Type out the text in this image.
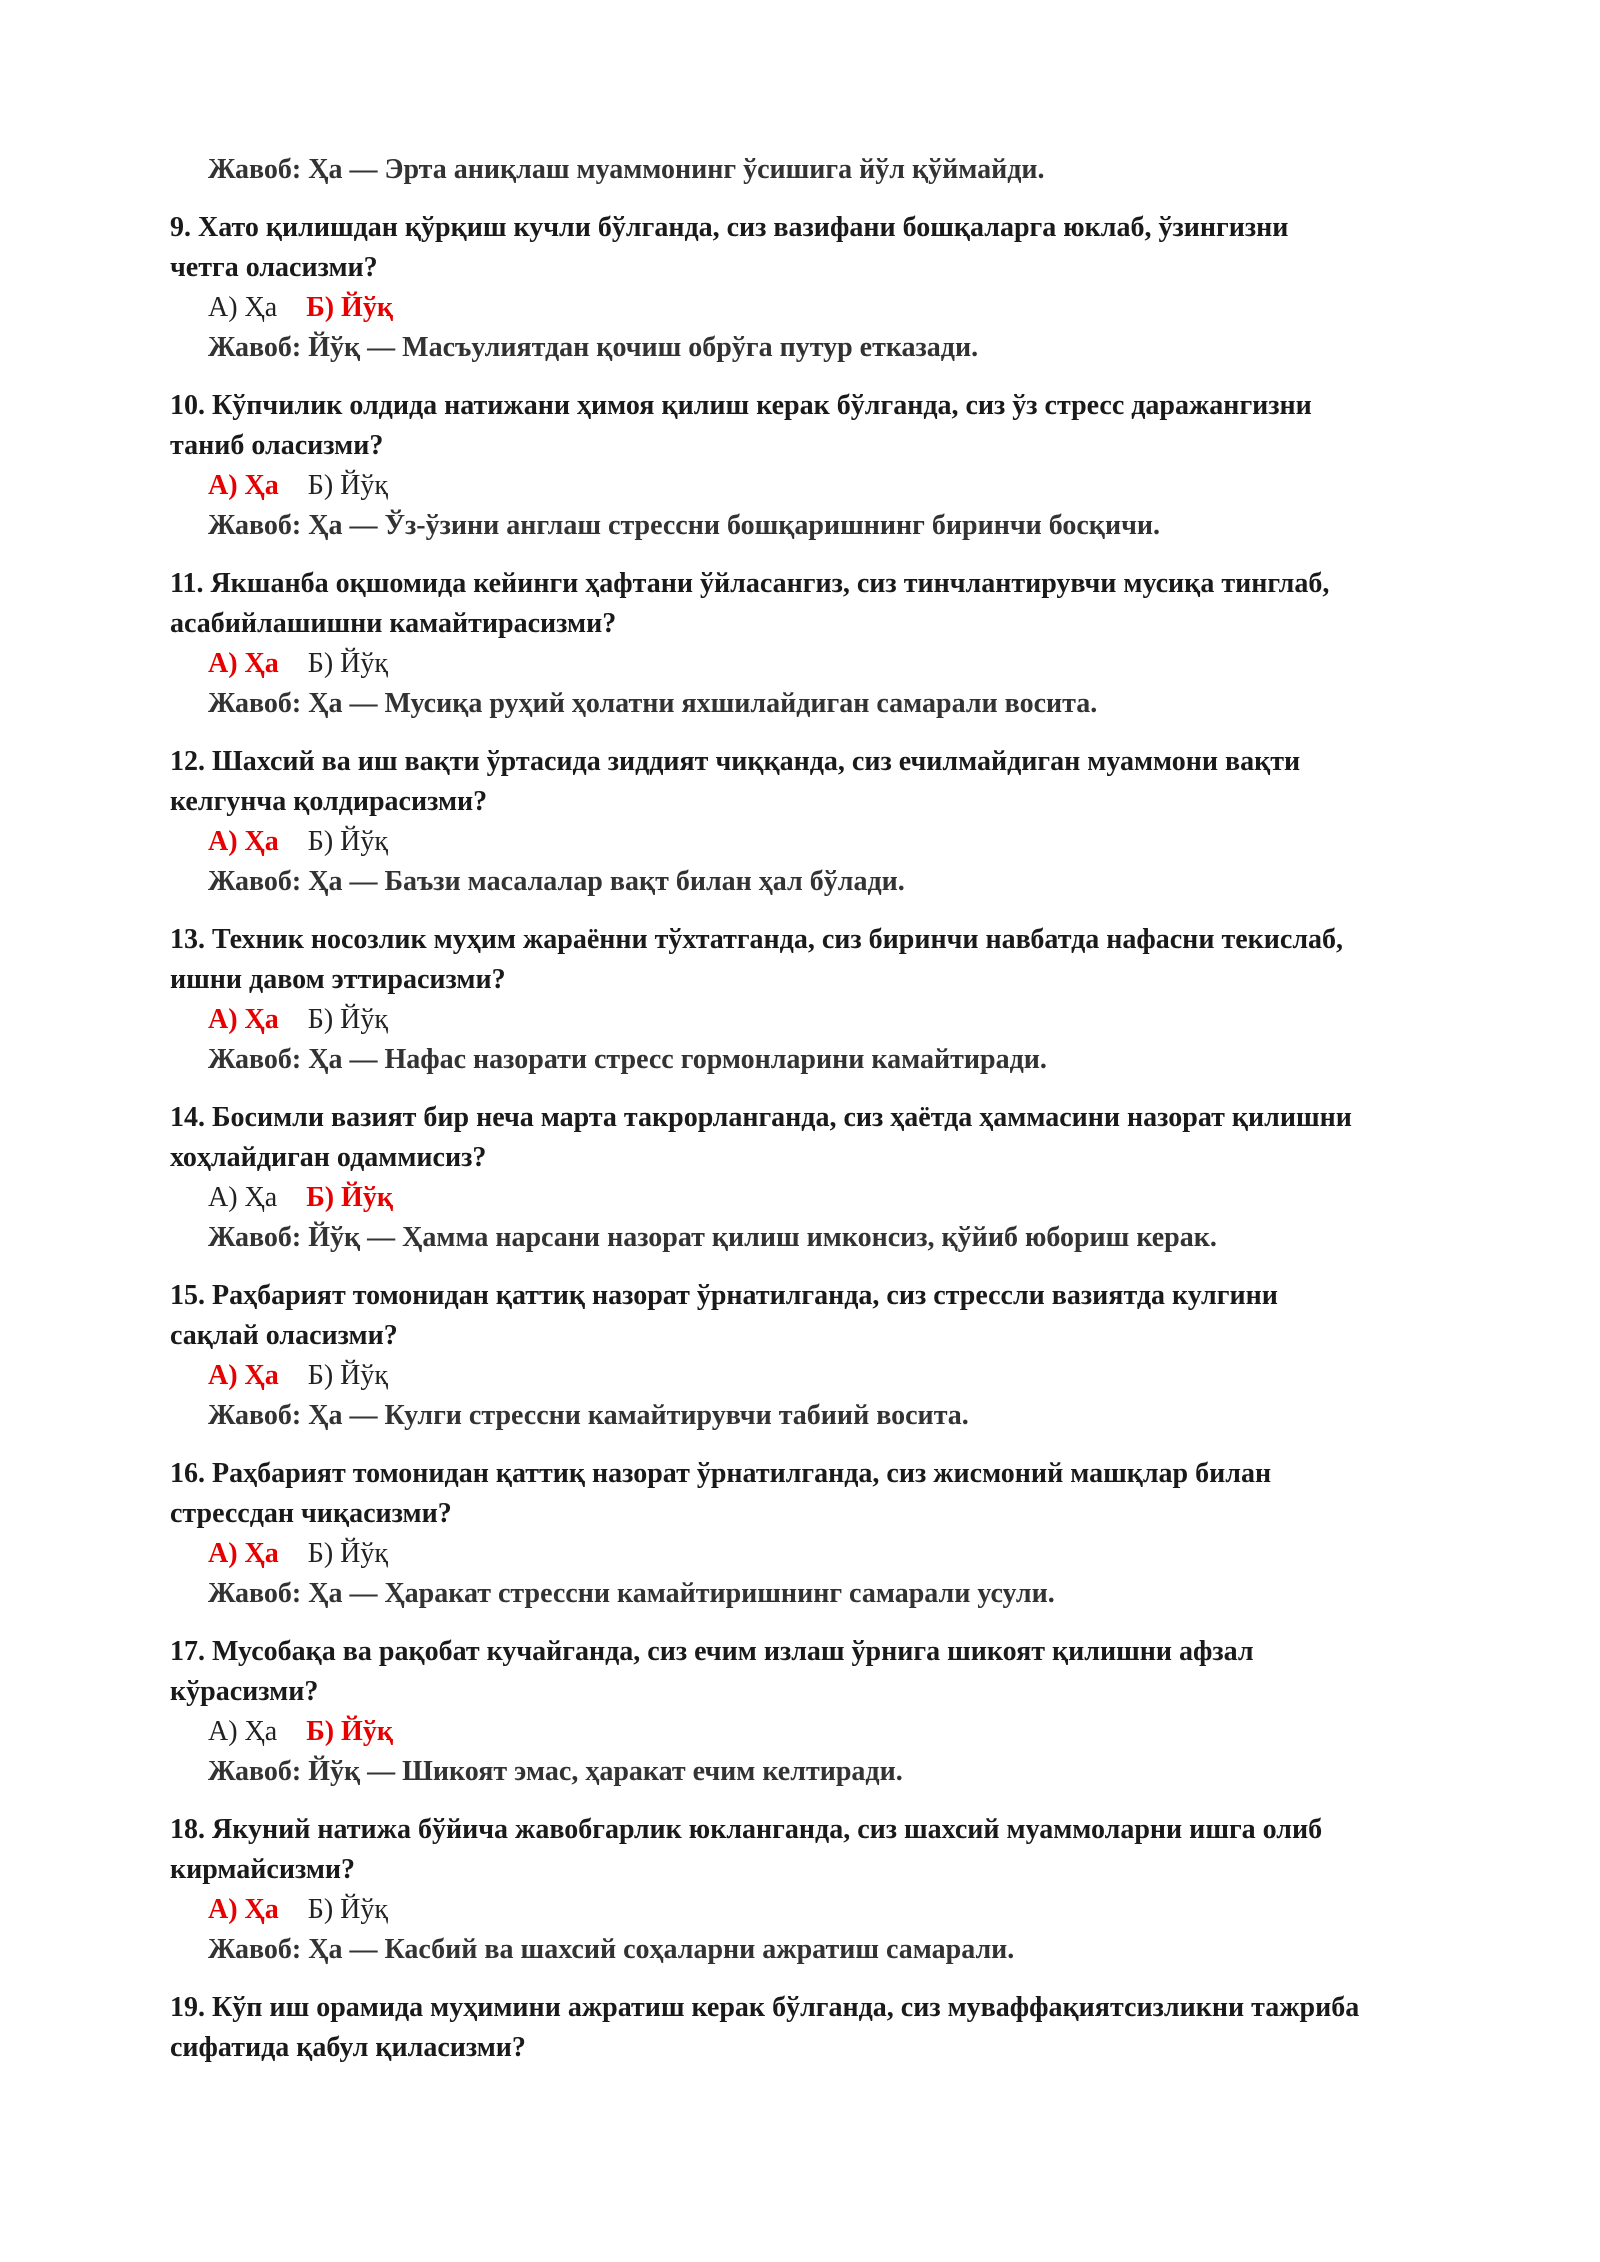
Жавоб: Ҳа — Эрта аниқлаш муаммонинг ўсишига йўл қўймайди.
9. Хато қилишдан қўрқиш кучли бўлганда, сиз вазифани бошқаларга юклаб, ўзингизни
четга оласизми?
А) Ҳа Б) Йўқ
Жавоб: Йўқ — Масъулиятдан қочиш обрўга путур етказади.
10. Кўпчилик олдида натижани ҳимоя қилиш керак бўлганда, сиз ўз стресс даражангизни
таниб оласизми?
А) Ҳа Б) Йўқ
Жавоб: Ҳа — Ўз-ўзини англаш стрессни бошқаришнинг биринчи босқичи.
11. Якшанба оқшомида кейинги ҳафтани ўйласангиз, сиз тинчлантирувчи мусиқа тинглаб,
асабийлашишни камайтирасизми?
А) Ҳа Б) Йўқ
Жавоб: Ҳа — Мусиқа руҳий ҳолатни яхшилайдиган самарали восита.
12. Шахсий ва иш вақти ўртасида зиддият чиққанда, сиз ечилмайдиган муаммони вақти
келгунча қолдирасизми?
А) Ҳа Б) Йўқ
Жавоб: Ҳа — Баъзи масалалар вақт билан ҳал бўлади.
13. Техник носозлик муҳим жараённи тўхтатганда, сиз биринчи навбатда нафасни текислаб,
ишни давом эттирасизми?
А) Ҳа Б) Йўқ
Жавоб: Ҳа — Нафас назорати стресс гормонларини камайтиради.
14. Босимли вазият бир неча марта такрорланганда, сиз ҳаётда ҳаммасини назорат қилишни
хоҳлайдиган одаммисиз?
А) Ҳа Б) Йўқ
Жавоб: Йўқ — Ҳамма нарсани назорат қилиш имконсиз, қўйиб юбориш керак.
15. Раҳбарият томонидан қаттиқ назорат ўрнатилганда, сиз стрессли вазиятда кулгини
сақлай оласизми?
А) Ҳа Б) Йўқ
Жавоб: Ҳа — Кулги стрессни камайтирувчи табиий восита.
16. Раҳбарият томонидан қаттиқ назорат ўрнатилганда, сиз жисмоний машқлар билан
стрессдан чиқасизми?
А) Ҳа Б) Йўқ
Жавоб: Ҳа — Ҳаракат стрессни камайтиришнинг самарали усули.
17. Мусобақа ва рақобат кучайганда, сиз ечим излаш ўрнига шикоят қилишни афзал
кўрасизми?
А) Ҳа Б) Йўқ
Жавоб: Йўқ — Шикоят эмас, ҳаракат ечим келтиради.
18. Якуний натижа бўйича жавобгарлик юкланганда, сиз шахсий муаммоларни ишга олиб
кирмайсизми?
А) Ҳа Б) Йўқ
Жавоб: Ҳа — Касбий ва шахсий соҳаларни ажратиш самарали.
19. Кўп иш орамида муҳимини ажратиш керак бўлганда, сиз муваффақиятсизликни тажриба
сифатида қабул қиласизми?
